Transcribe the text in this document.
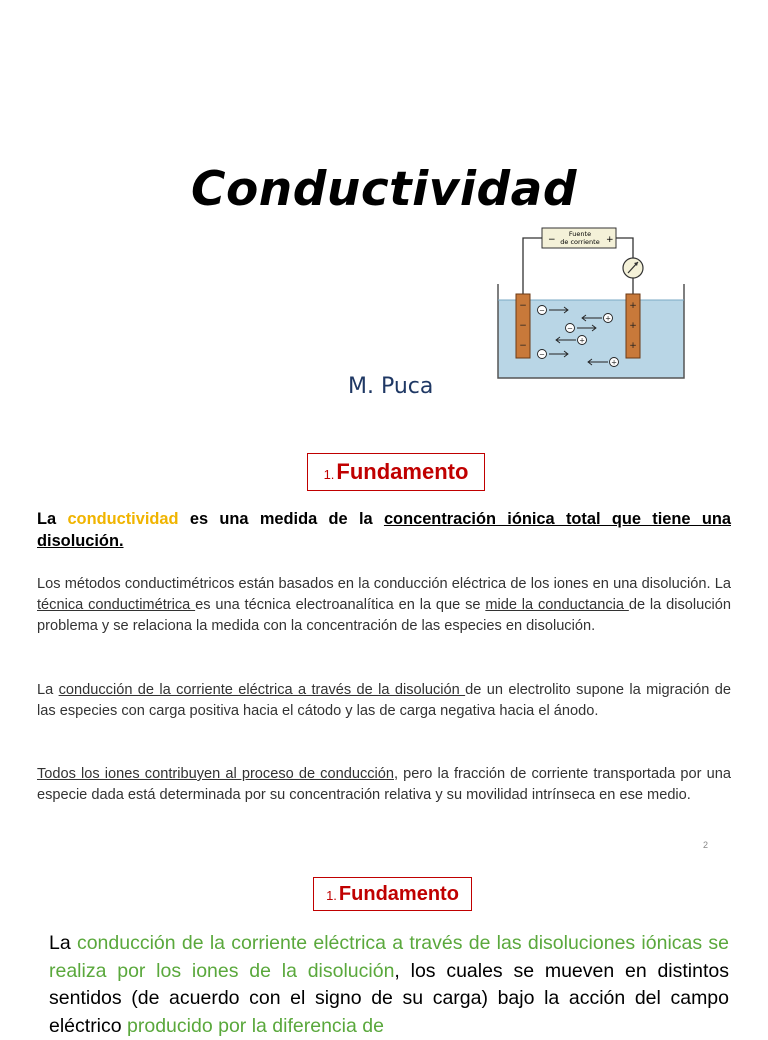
Conductividad
M. Puca
−	+
Fuente
de corriente
−
−
−
+
+
+
−
+
−
+
−
+
1.Fundamento

La conductividad es una medida de la concentración iónica total que tiene una disolución.

Los métodos conductimétricos están basados en la conducción eléctrica de los iones en una disolución. La técnica conductimétrica es una técnica electroanalítica en la que se mide la conductancia de la disolución problema y se relaciona la medida con la concentración de las especies en disolución.

La conducción de la corriente eléctrica a través de la disolución de un electrolito supone la migración de las especies con carga positiva hacia el cátodo y las de carga negativa hacia el ánodo.

Todos los iones contribuyen al proceso de conducción, pero la fracción de corriente transportada por una especie dada está determinada por su concentración relativa y su movilidad intrínseca en ese medio.

2
1. Fundamento

La conducción de la corriente eléctrica a través de las disoluciones iónicas se realiza por los iones de la disolución, los cuales se mueven en distintos sentidos (de acuerdo con el signo de su carga) bajo la acción del campo eléctrico producido por la diferencia de
